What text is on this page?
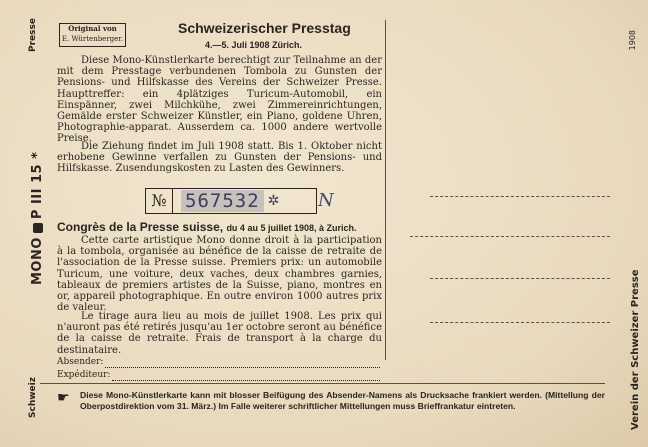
Presse
MONOP III 15 *
Schweiz
1908
Verein der Schweizer Presse
Original von
E. Würtenberger.
Schweizerischer Presstag
4.—5. Juli 1908 Zürich.
Diese Mono-Künstlerkarte berechtigt zur Teilnahme an der mit dem Presstage verbundenen Tombola zu Gunsten der Pensions- und Hilfskasse des Vereins der Schweizer Presse. Haupttreffer: ein 4plätziges Turicum-Automobil, ein Einspänner, zwei Milchkühe, zwei Zimmereinrichtungen, Gemälde erster Schweizer Künstler, ein Piano, goldene Uhren, Photographie-apparat. Ausserdem ca. 1000 andere wertvolle Preise.
Die Ziehung findet im Juli 1908 statt. Bis 1. Oktober nicht erhobene Gewinne verfallen zu Gunsten der Pensions- und Hilfskasse. Zusendungskosten zu Lasten des Gewinners.
№ 567532 ✲ N
Congrès de la Presse suisse, du 4 au 5 juillet 1908, à Zurich.
Cette carte artistique Mono donne droit à la participation à la tombola, organisée au bénéfice de la caisse de retraite de l'association de la Presse suisse. Premiers prix: un automobile Turicum, une voiture, deux vaches, deux chambres garnies, tableaux de premiers artistes de la Suisse, piano, montres en or, appareil photographique. En outre environ 1000 autres prix de valeur.
Le tirage aura lieu au mois de juillet 1908. Les prix qui n'auront pas été retirés jusqu'au 1er octobre seront au bénéfice de la caisse de retraite. Frais de transport à la charge du destinataire.
Absender:
Expéditeur:
☛ Diese Mono-Künstlerkarte kann mit blosser Beifügung des Absender-Namens als Drucksache frankiert werden. (Mittellung der Oberpostdirektion vom 31. März.) Im Falle weiterer schriftlicher Mittellungen muss Brieffrankatur eintreten.
